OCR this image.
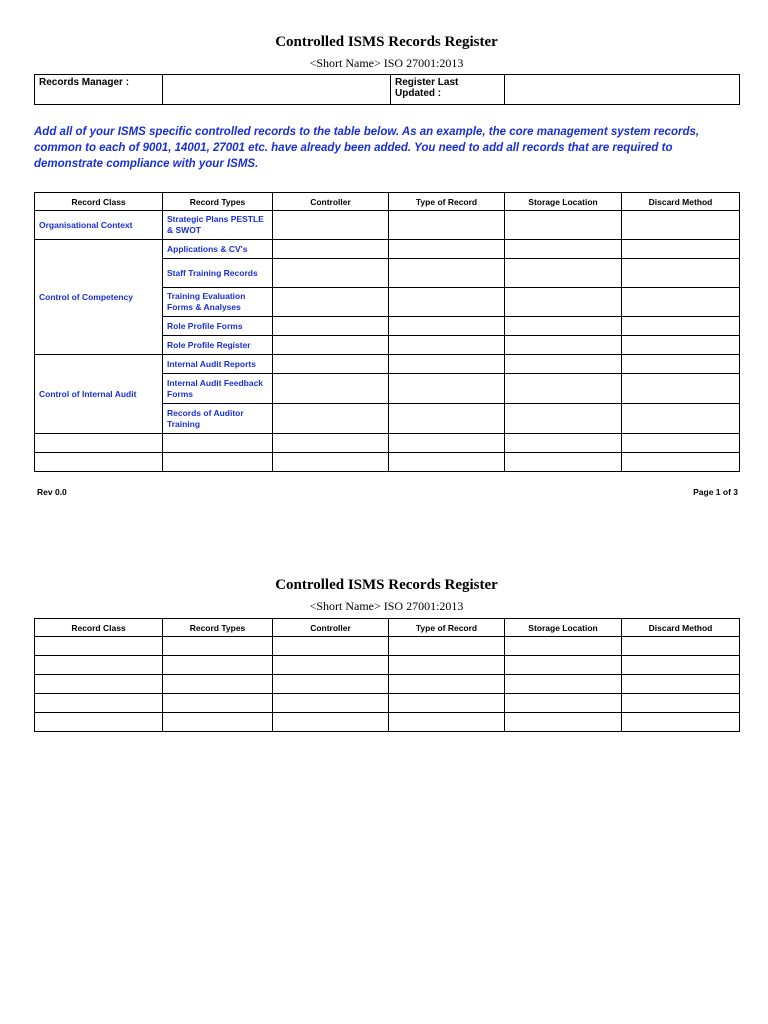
Controlled ISMS Records Register
<Short Name> ISO 27001:2013
Records Manager :		Register Last Updated :	
Add all of your ISMS specific controlled records to the table below. As an example, the core management system records, common to each of 9001, 14001, 27001 etc. have already been added. You need to add all records that are required to demonstrate compliance with your ISMS.
Record Class	Record Types	Controller	Type of Record	Storage Location	Discard Method
Organisational Context	Strategic Plans PESTLE & SWOT				
Control of Competency	Applications & CV's				
	Staff Training Records				
	Training Evaluation Forms & Analyses				
	Role Profile Forms				
	Role Profile Register				
Control of Internal Audit	Internal Audit Reports				
	Internal Audit Feedback Forms				
	Records of Auditor Training				

Rev 0.0	Page 1 of 3
Controlled ISMS Records Register
<Short Name> ISO 27001:2013
Record Class	Record Types	Controller	Type of Record	Storage Location	Discard Method
